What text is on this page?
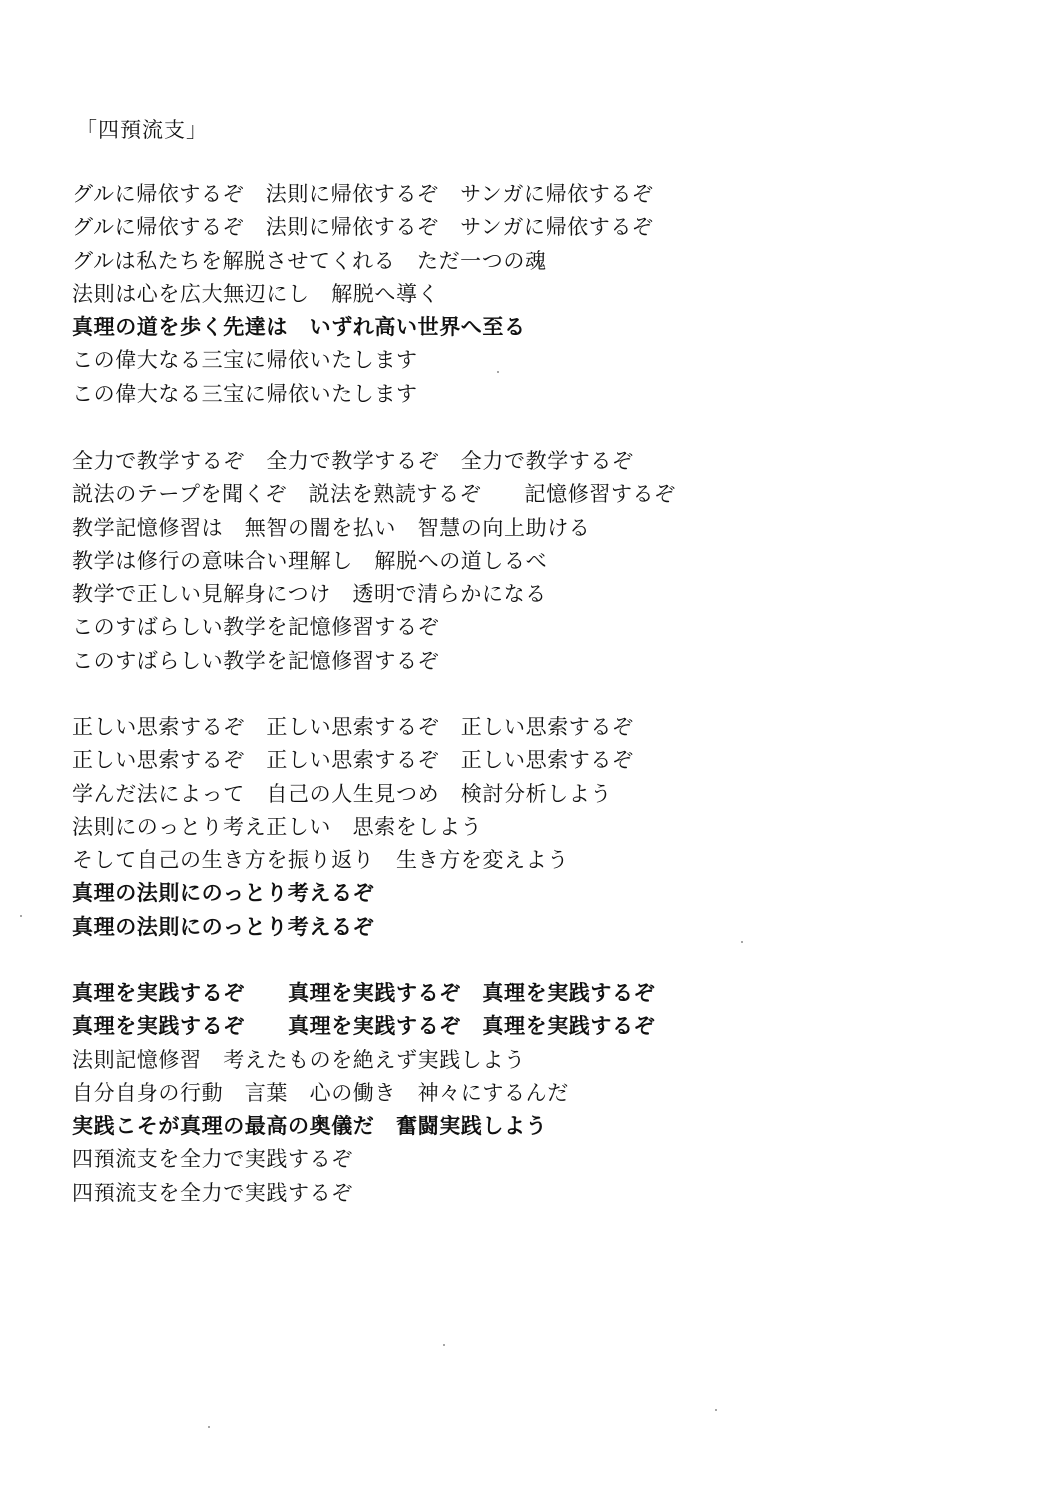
「四預流支」
グルに帰依するぞ　法則に帰依するぞ　サンガに帰依するぞ
グルに帰依するぞ　法則に帰依するぞ　サンガに帰依するぞ
グルは私たちを解脱させてくれる　ただ一つの魂
法則は心を広大無辺にし　解脱へ導く
真理の道を歩く先達は　いずれ高い世界へ至る
この偉大なる三宝に帰依いたします
この偉大なる三宝に帰依いたします
全力で教学するぞ　全力で教学するぞ　全力で教学するぞ
説法のテープを聞くぞ　説法を熟読するぞ　　記憶修習するぞ
教学記憶修習は　無智の闇を払い　智慧の向上助ける
教学は修行の意味合い理解し　解脱への道しるべ
教学で正しい見解身につけ　透明で清らかになる
このすばらしい教学を記憶修習するぞ
このすばらしい教学を記憶修習するぞ
正しい思索するぞ　正しい思索するぞ　正しい思索するぞ
正しい思索するぞ　正しい思索するぞ　正しい思索するぞ
学んだ法によって　自己の人生見つめ　検討分析しよう
法則にのっとり考え正しい　思索をしよう
そして自己の生き方を振り返り　生き方を変えよう
真理の法則にのっとり考えるぞ
真理の法則にのっとり考えるぞ
真理を実践するぞ　　真理を実践するぞ　真理を実践するぞ
真理を実践するぞ　　真理を実践するぞ　真理を実践するぞ
法則記憶修習　考えたものを絶えず実践しよう
自分自身の行動　言葉　心の働き　神々にするんだ
実践こそが真理の最高の奥儀だ　奮闘実践しよう
四預流支を全力で実践するぞ
四預流支を全力で実践するぞ
